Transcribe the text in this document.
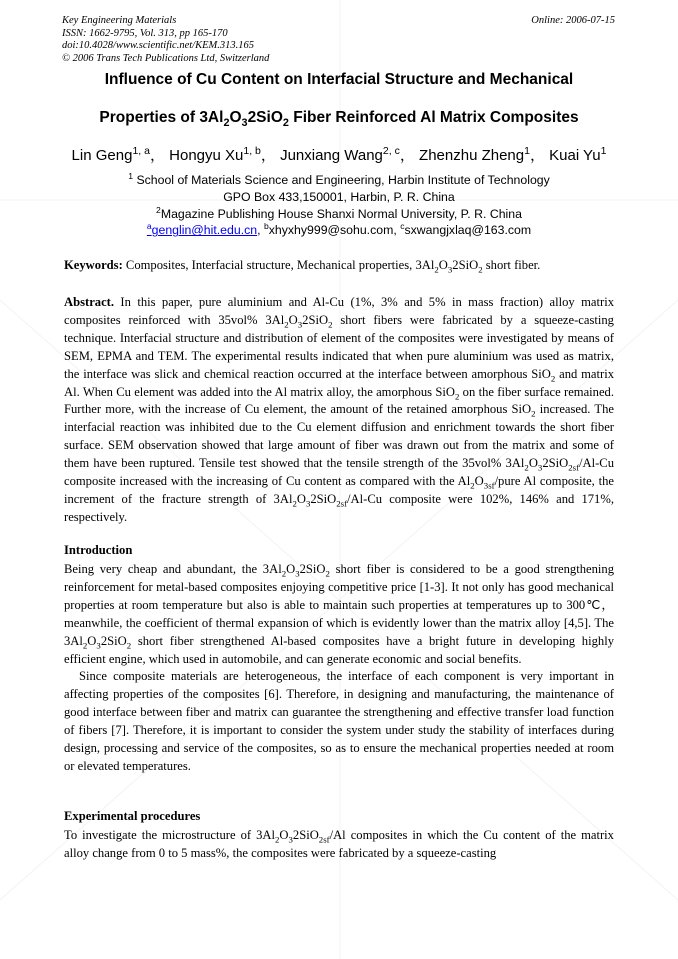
Key Engineering Materials
ISSN: 1662-9795, Vol. 313, pp 165-170
doi:10.4028/www.scientific.net/KEM.313.165
© 2006 Trans Tech Publications Ltd, Switzerland
Online: 2006-07-15
Influence of Cu Content on Interfacial Structure and Mechanical
Properties of $3Al_2O_32SiO_2$ Fiber Reinforced Al Matrix Composites
Lin Geng$^{1, a}$， Hongyu Xu$^{1, b}$， Junxiang Wang$^{2, c}$， Zhenzhu Zheng$^1$， Kuai Yu$^1$
$^1$ School of Materials Science and Engineering, Harbin Institute of Technology
GPO Box 433,150001, Harbin, P. R. China
$^2$Magazine Publishing House Shanxi Normal University, P. R. China
$^a$genglin@hit.edu.cn, $^b$xhyxhy999@sohu.com, $^c$sxwangjxlaq@163.com
Keywords: Composites, Interfacial structure, Mechanical properties, $3Al_2O_32SiO_2$ short fiber.
Abstract. In this paper, pure aluminium and Al-Cu (1%, 3% and 5% in mass fraction) alloy matrix composites reinforced with 35vol% $3Al_2O_32SiO_2$ short fibers were fabricated by a squeeze-casting technique. Interfacial structure and distribution of element of the composites were investigated by means of SEM, EPMA and TEM. The experimental results indicated that when pure aluminium was used as matrix, the interface was slick and chemical reaction occurred at the interface between amorphous SiO$_2$ and matrix Al. When Cu element was added into the Al matrix alloy, the amorphous SiO$_2$ on the fiber surface remained. Further more, with the increase of Cu element, the amount of the retained amorphous SiO$_2$ increased. The interfacial reaction was inhibited due to the Cu element diffusion and enrichment towards the short fiber surface. SEM observation showed that large amount of fiber was drawn out from the matrix and some of them have been ruptured. Tensile test showed that the tensile strength of the 35vol% $3Al_2O_32SiO_{2sf}/Al-Cu$ composite increased with the increasing of Cu content as compared with the $Al_2O_{3sf}$/pure Al composite, the increment of the fracture strength of $3Al_2O_32SiO_{2sf}/Al-Cu$ composite were 102%, 146% and 171%, respectively.
Introduction

Being very cheap and abundant, the $3Al_2O_32SiO_2$ short fiber is considered to be a good strengthening reinforcement for metal-based composites enjoying competitive price [1-3]. It not only has good mechanical properties at room temperature but also is able to maintain such properties at temperatures up to 300℃，meanwhile, the coefficient of thermal expansion of which is evidently lower than the matrix alloy [4,5]. The $3Al_2O_32SiO_2$ short fiber strengthened Al-based composites have a bright future in developing highly efficient engine, which used in automobile, and can generate economic and social benefits.

Since composite materials are heterogeneous, the interface of each component is very important in affecting properties of the composites [6]. Therefore, in designing and manufacturing, the maintenance of good interface between fiber and matrix can guarantee the strengthening and effective transfer load function of fibers [7]. Therefore, it is important to consider the system under study the stability of interfaces during design, processing and service of the composites, so as to ensure the mechanical properties needed at room or elevated temperatures.

Experimental procedures
To investigate the microstructure of $3Al_2O_32SiO_{2sf}/Al$ composites in which the Cu content of the matrix alloy change from 0 to 5 mass%, the composites were fabricated by a squeeze-casting
